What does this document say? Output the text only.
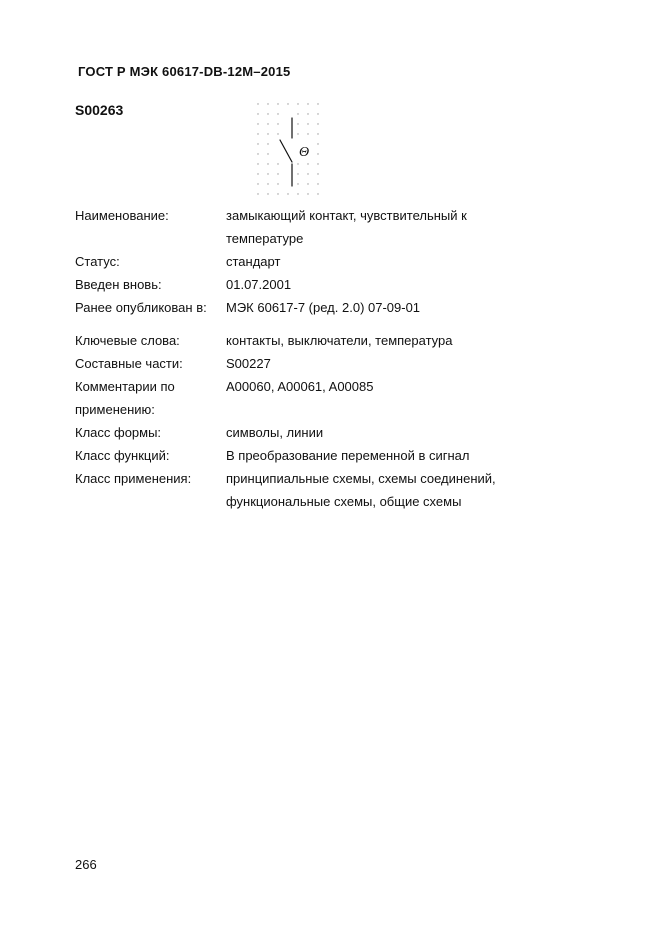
ГОСТ Р МЭК 60617-DB-12M–2015
S00263
Θ
Наименование:	замыкающий контакт, чувствительный к температуре
Статус:	стандарт
Введен вновь:	01.07.2001
Ранее опубликован в:	МЭК 60617-7 (ред. 2.0) 07-09-01
Ключевые слова:	контакты, выключатели, температура
Составные части:	S00227
Комментарии по применению:
A00060, A00061, A00085
Класс формы:	символы, линии
Класс функций:	В преобразование переменной в сигнал
Класс применения:	принципиальные схемы, схемы соединений, функциональные схемы, общие схемы
266
